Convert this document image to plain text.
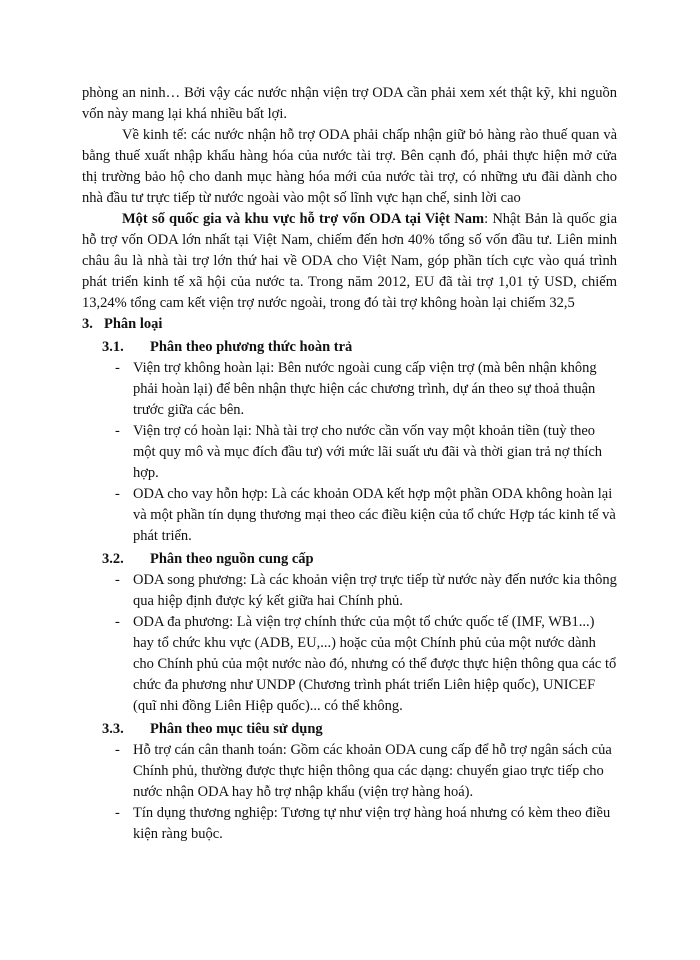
phòng an ninh… Bởi vậy các nước nhận viện trợ ODA cần phải xem xét thật kỹ, khi nguồn vốn này mang lại khá nhiều bất lợi.

Về kinh tế: các nước nhận hỗ trợ ODA phải chấp nhận giữ bỏ hàng rào thuế quan và bằng thuế xuất nhập khẩu hàng hóa của nước tài trợ. Bên cạnh đó, phải thực hiện mở cửa thị trường bảo hộ cho danh mục hàng hóa mới của nước tài trợ, có những ưu đãi dành cho nhà đầu tư trực tiếp từ nước ngoài vào một số lĩnh vực hạn chế, sinh lời cao

Một số quốc gia và khu vực hỗ trợ vốn ODA tại Việt Nam: Nhật Bản là quốc gia hỗ trợ vốn ODA lớn nhất tại Việt Nam, chiếm đến hơn 40% tổng số vốn đầu tư. Liên minh châu âu là nhà tài trợ lớn thứ hai về ODA cho Việt Nam, góp phần tích cực vào quá trình phát triển kinh tế xã hội của nước ta. Trong năm 2012, EU đã tài trợ 1,01 tỷ USD, chiếm 13,24% tổng cam kết viện trợ nước ngoài, trong đó tài trợ không hoàn lại chiếm 32,5

3. Phân loại
3.1. Phân theo phương thức hoàn trả
- Viện trợ không hoàn lại: Bên nước ngoài cung cấp viện trợ (mà bên nhận không phải hoàn lại) để bên nhận thực hiện các chương trình, dự án theo sự thoả thuận trước giữa các bên.
- Viện trợ có hoàn lại: Nhà tài trợ cho nước cần vốn vay một khoản tiền (tuỳ theo một quy mô và mục đích đầu tư) với mức lãi suất ưu đãi và thời gian trả nợ thích hợp.
- ODA cho vay hỗn hợp: Là các khoản ODA kết hợp một phần ODA không hoàn lại và một phần tín dụng thương mại theo các điều kiện của tổ chức Hợp tác kinh tế và phát triển.
3.2. Phân theo nguồn cung cấp
- ODA song phương: Là các khoản viện trợ trực tiếp từ nước này đến nước kia thông qua hiệp định được ký kết giữa hai Chính phủ.
- ODA đa phương: Là viện trợ chính thức của một tổ chức quốc tế (IMF, WB1...) hay tổ chức khu vực (ADB, EU,...) hoặc của một Chính phủ của một nước dành cho Chính phủ của một nước nào đó, nhưng có thể được thực hiện thông qua các tổ chức đa phương như UNDP (Chương trình phát triển Liên hiệp quốc), UNICEF (quĩ nhi đồng Liên Hiệp quốc)... có thể không.
3.3. Phân theo mục tiêu sử dụng
- Hỗ trợ cán cân thanh toán: Gồm các khoản ODA cung cấp để hỗ trợ ngân sách của Chính phủ, thường được thực hiện thông qua các dạng: chuyển giao trực tiếp cho nước nhận ODA hay hỗ trợ nhập khẩu (viện trợ hàng hoá).
- Tín dụng thương nghiệp: Tương tự như viện trợ hàng hoá nhưng có kèm theo điều kiện ràng buộc.
